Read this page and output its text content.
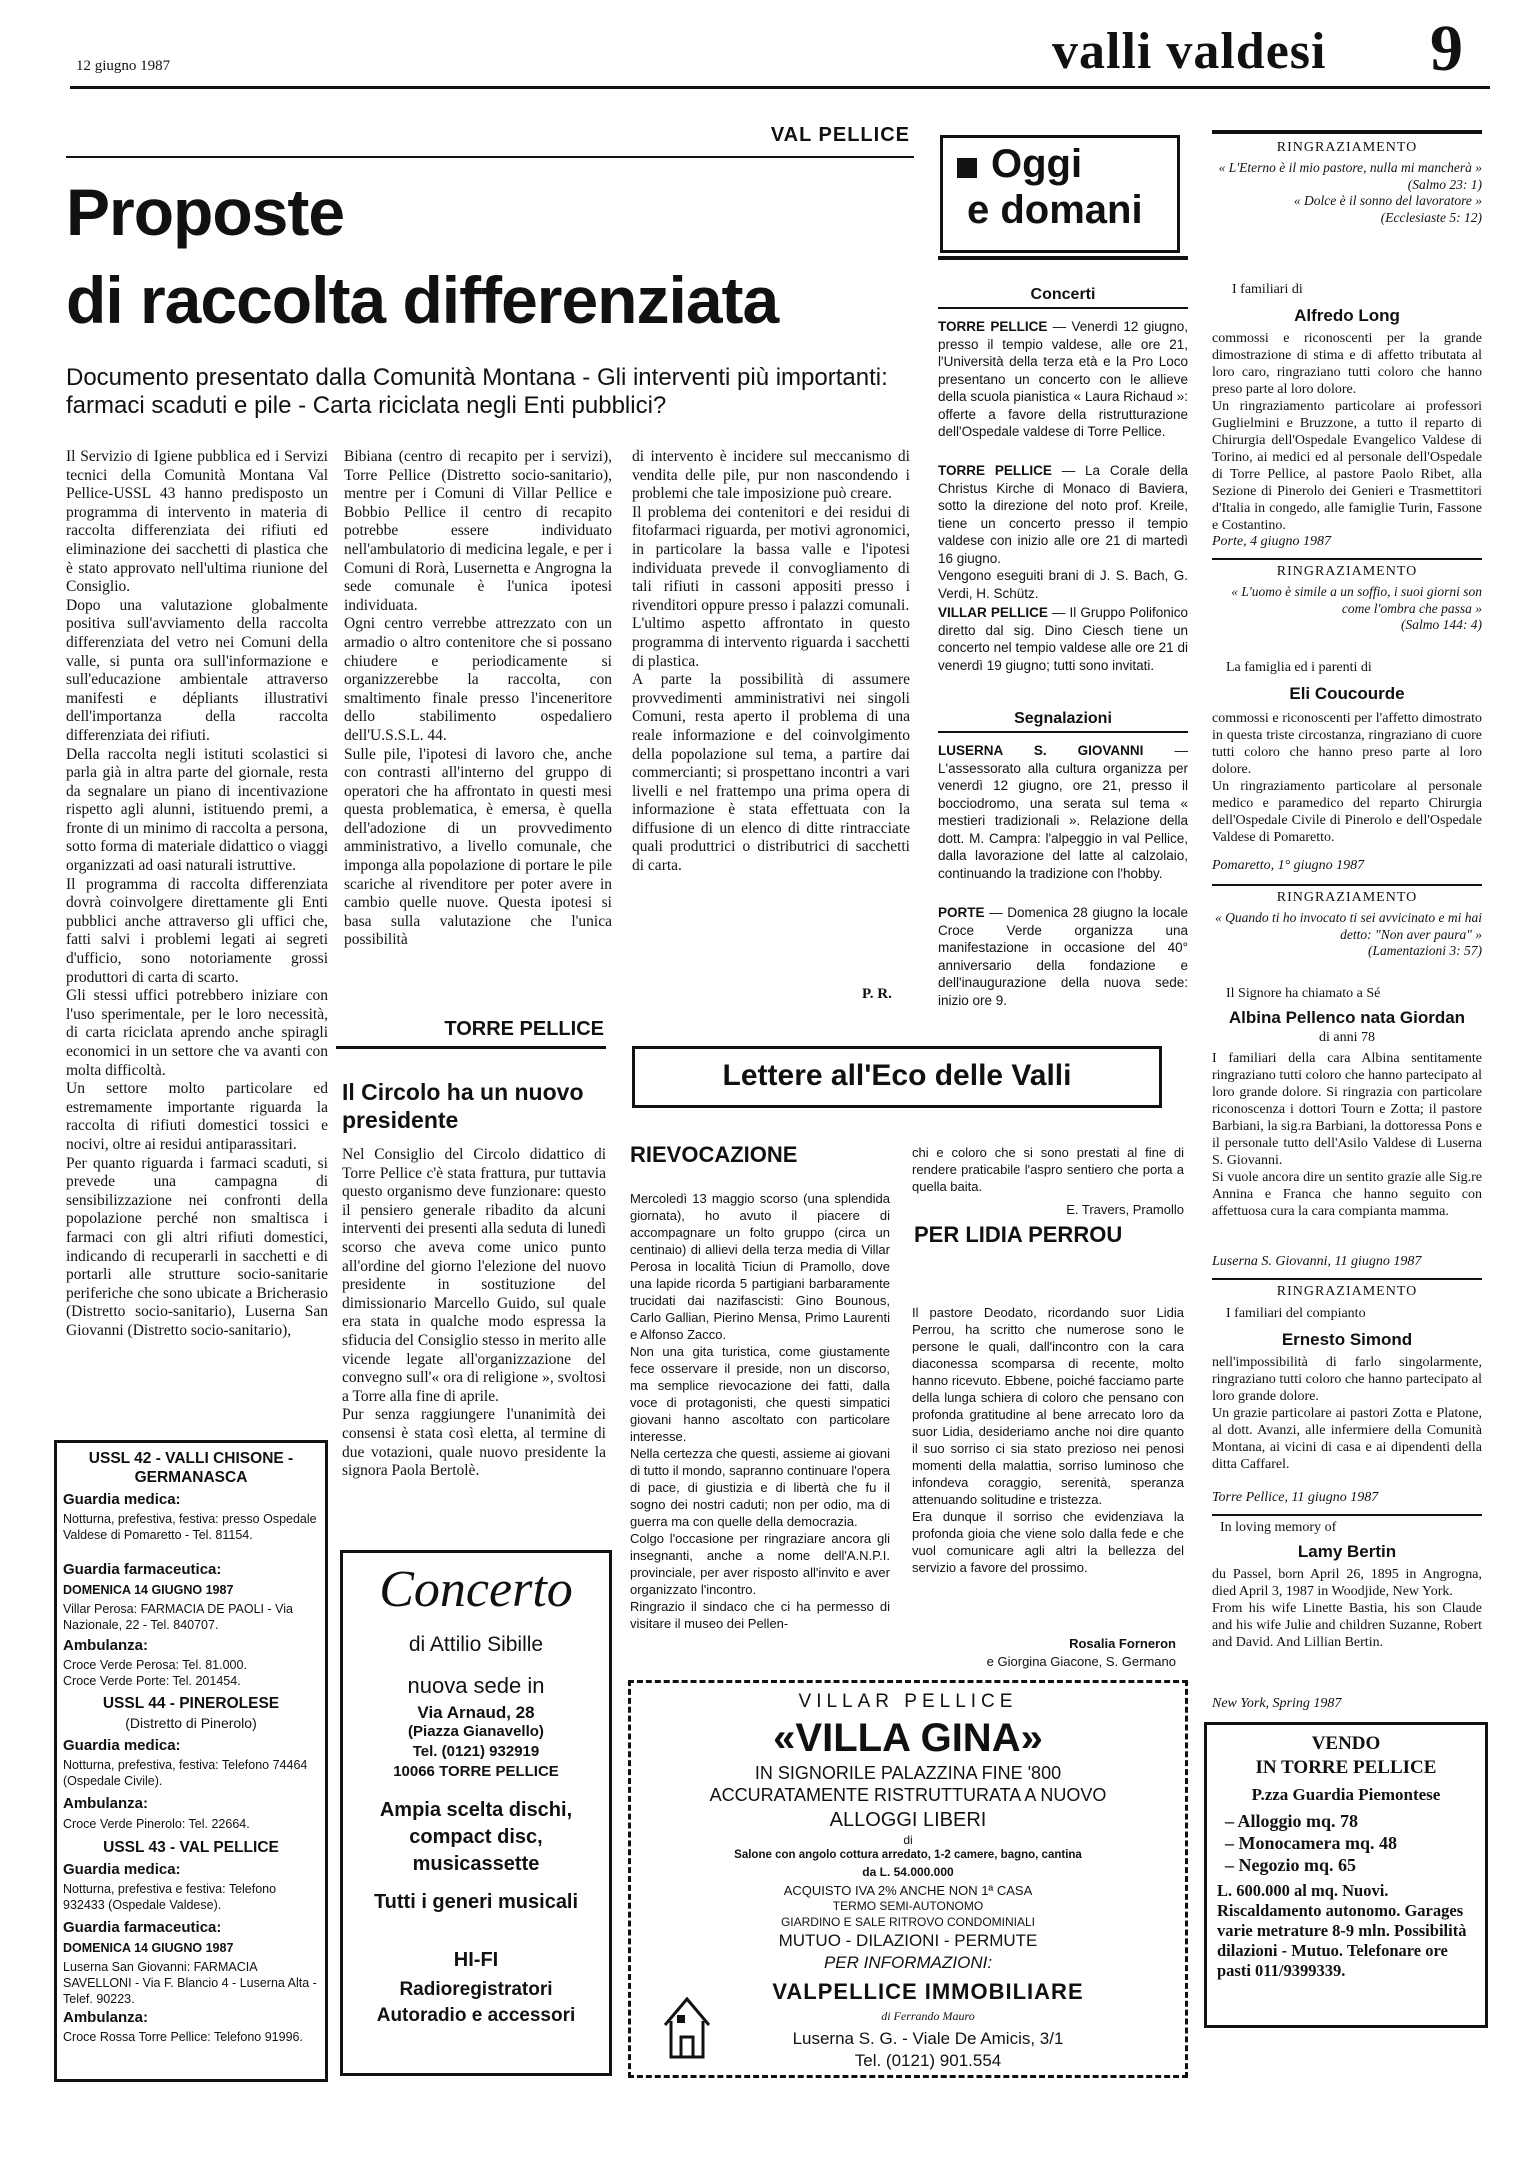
12 giugno 1987	valli valdesi 9
VAL PELLICE
Proposte
di raccolta differenziata
Documento presentato dalla Comunità Montana - Gli interventi più importanti: farmaci scaduti e pile - Carta riciclata negli Enti pubblici?
Il Servizio di Igiene pubblica ed i Servizi tecnici della Comunità Montana Val Pellice-USSL 43 hanno predisposto un programma di intervento in materia di raccolta differenziata dei rifiuti ed eliminazione dei sacchetti di plastica che è stato approvato nell'ultima riunione del Consiglio.
Dopo una valutazione globalmente positiva sull'avviamento della raccolta differenziata del vetro nei Comuni della valle, si punta ora sull'informazione e sull'educazione ambientale attraverso manifesti e dépliants illustrativi dell'importanza della raccolta differenziata dei rifiuti.
Della raccolta negli istituti scolastici si parla già in altra parte del giornale, resta da segnalare un piano di incentivazione rispetto agli alunni, istituendo premi, a fronte di un minimo di raccolta a persona, sotto forma di materiale didattico o viaggi organizzati ad oasi naturali istruttive.
Il programma di raccolta differenziata dovrà coinvolgere direttamente gli Enti pubblici anche attraverso gli uffici che, fatti salvi i problemi legati ai segreti d'ufficio, sono notoriamente grossi produttori di carta di scarto.
Gli stessi uffici potrebbero iniziare con l'uso sperimentale, per le loro necessità, di carta riciclata aprendo anche spiragli economici in un settore che va avanti con molta difficoltà.
Un settore molto particolare ed estremamente importante riguarda la raccolta di rifiuti domestici tossici e nocivi, oltre ai residui antiparassitari.
Per quanto riguarda i farmaci scaduti, si prevede una campagna di sensibilizzazione nei confronti della popolazione perché non smaltisca i farmaci con gli altri rifiuti domestici, indicando di recuperarli in sacchetti e di portarli alle strutture socio-sanitarie periferiche che sono ubicate a Bricherasio (Distretto socio-sanitario), Luserna San Giovanni (Distretto socio-sanitario),
Bibiana (centro di recapito per i servizi), Torre Pellice (Distretto socio-sanitario), mentre per i Comuni di Villar Pellice e Bobbio Pellice il centro di recapito potrebbe essere individuato nell'ambulatorio di medicina legale, e per i Comuni di Rorà, Lusernetta e Angrogna la sede comunale è l'unica ipotesi individuata.
Ogni centro verrebbe attrezzato con un armadio o altro contenitore che si possano chiudere e periodicamente si organizzerebbe la raccolta, con smaltimento finale presso l'inceneritore dello stabilimento ospedaliero dell'U.S.S.L. 44.
Sulle pile, l'ipotesi di lavoro che, anche con contrasti all'interno del gruppo di operatori che ha affrontato in questi mesi questa problematica, è emersa, è quella dell'adozione di un provvedimento amministrativo, a livello comunale, che imponga alla popolazione di portare le pile scariche al rivenditore per poter avere in cambio quelle nuove. Questa ipotesi si basa sulla valutazione che l'unica possibilità
di intervento è incidere sul meccanismo di vendita delle pile, pur non nascondendo i problemi che tale imposizione può creare.
Il problema dei contenitori e dei residui di fitofarmaci riguarda, per motivi agronomici, in particolare la bassa valle e l'ipotesi individuata prevede il convogliamento di tali rifiuti in cassoni appositi presso i rivenditori oppure presso i palazzi comunali.
L'ultimo aspetto affrontato in questo programma di intervento riguarda i sacchetti di plastica.
A parte la possibilità di assumere provvedimenti amministrativi nei singoli Comuni, resta aperto il problema di una reale informazione e del coinvolgimento della popolazione sul tema, a partire dai commercianti; si prospettano incontri a vari livelli e nel frattempo una prima opera di informazione è stata effettuata con la diffusione di un elenco di ditte rintracciate quali produttrici o distributrici di sacchetti di carta.
P. R.
Oggi
e domani
Concerti
TORRE PELLICE — Venerdì 12 giugno, presso il tempio valdese, alle ore 21, l'Università della terza età e la Pro Loco presentano un concerto con le allieve della scuola pianistica « Laura Richaud »: offerte a favore della ristrutturazione dell'Ospedale valdese di Torre Pellice.
TORRE PELLICE — La Corale della Christus Kirche di Monaco di Baviera, sotto la direzione del noto prof. Kreile, tiene un concerto presso il tempio valdese con inizio alle ore 21 di martedì 16 giugno.
Vengono eseguiti brani di J. S. Bach, G. Verdi, H. Schütz.
VILLAR PELLICE — Il Gruppo Polifonico diretto dal sig. Dino Ciesch tiene un concerto nel tempio valdese alle ore 21 di venerdì 19 giugno; tutti sono invitati.
Segnalazioni
LUSERNA S. GIOVANNI — L'assessorato alla cultura organizza per venerdì 12 giugno, ore 21, presso il bocciodromo, una serata sul tema « mestieri tradizionali ». Relazione della dott. M. Campra: l'alpeggio in val Pellice, dalla lavorazione del latte al calzolaio, continuando la tradizione con l'hobby.
PORTE — Domenica 28 giugno la locale Croce Verde organizza una manifestazione in occasione del 40° anniversario della fondazione e dell'inaugurazione della nuova sede: inizio ore 9.
RINGRAZIAMENTO
« L'Eterno è il mio pastore, nulla mi mancherà »
(Salmo 23: 1)
« Dolce è il sonno del lavoratore »
(Ecclesiaste 5: 12)
I familiari di
Alfredo Long
commossi e riconoscenti per la grande dimostrazione di stima e di affetto tributata al loro caro, ringraziano tutti coloro che hanno preso parte al loro dolore.
Un ringraziamento particolare ai professori Guglielmini e Bruzzone, a tutto il reparto di Chirurgia dell'Ospedale Evangelico Valdese di Torino, ai medici ed al personale dell'Ospedale di Torre Pellice, al pastore Paolo Ribet, alla Sezione di Pinerolo dei Genieri e Trasmettitori d'Italia in congedo, alle famiglie Turin, Fassone e Costantino.
Porte, 4 giugno 1987
RINGRAZIAMENTO
« L'uomo è simile a un soffio, i suoi giorni son come l'ombra che passa »
(Salmo 144: 4)
La famiglia ed i parenti di
Eli Coucourde
commossi e riconoscenti per l'affetto dimostrato in questa triste circostanza, ringraziano di cuore tutti coloro che hanno preso parte al loro dolore.
Un ringraziamento particolare al personale medico e paramedico del reparto Chirurgia dell'Ospedale Civile di Pinerolo e dell'Ospedale Valdese di Pomaretto.
Pomaretto, 1° giugno 1987
RINGRAZIAMENTO
« Quando ti ho invocato ti sei avvicinato e mi hai detto: "Non aver paura" »
(Lamentazioni 3: 57)
Il Signore ha chiamato a Sé
Albina Pellenco nata Giordan
di anni 78
I familiari della cara Albina sentitamente ringraziano tutti coloro che hanno partecipato al loro grande dolore. Si ringrazia con particolare riconoscenza i dottori Tourn e Zotta; il pastore Barbiani, la sig.ra Barbiani, la dottoressa Pons e il personale tutto dell'Asilo Valdese di Luserna S. Giovanni.
Si vuole ancora dire un sentito grazie alle Sig.re Annina e Franca che hanno seguito con affettuosa cura la cara compianta mamma.
Luserna S. Giovanni, 11 giugno 1987
RINGRAZIAMENTO
I familiari del compianto
Ernesto Simond
nell'impossibilità di farlo singolarmente, ringraziano tutti coloro che hanno partecipato al loro grande dolore.
Un grazie particolare ai pastori Zotta e Platone, al dott. Avanzi, alle infermiere della Comunità Montana, ai vicini di casa e ai dipendenti della ditta Caffarel.
Torre Pellice, 11 giugno 1987
In loving memory of
Lamy Bertin
du Passel, born April 26, 1895 in Angrogna, died April 3, 1987 in Woodjide, New York.
From his wife Linette Bastia, his son Claude and his wife Julie and children Suzanne, Robert and David. And Lillian Bertin.
New York, Spring 1987
VENDO
IN TORRE PELLICE
P.zza Guardia Piemontese
– Alloggio mq. 78
– Monocamera mq. 48
– Negozio mq. 65
L. 600.000 al mq. Nuovi. Riscaldamento autonomo. Garages varie metrature 8-9 mln. Possibilità dilazioni - Mutuo. Telefonare ore pasti 011/9399339.
TORRE PELLICE
Il Circolo ha un nuovo presidente
Nel Consiglio del Circolo didattico di Torre Pellice c'è stata frattura, pur tuttavia questo organismo deve funzionare: questo il pensiero generale ribadito da alcuni interventi dei presenti alla seduta di lunedì scorso che aveva come unico punto all'ordine del giorno l'elezione del nuovo presidente in sostituzione del dimissionario Marcello Guido, sul quale era stata in qualche modo espressa la sfiducia del Consiglio stesso in merito alle vicende legate all'organizzazione del convegno sull'« ora di religione », svoltosi a Torre alla fine di aprile.
Pur senza raggiungere l'unanimità dei consensi è stata così eletta, al termine di due votazioni, quale nuovo presidente la signora Paola Bertolè.
USSL 42 - VALLI CHISONE - GERMANASCA
Guardia medica:
Notturna, prefestiva, festiva: presso Ospedale Valdese di Pomaretto - Tel. 81154.
Guardia farmaceutica:
DOMENICA 14 GIUGNO 1987
Villar Perosa: FARMACIA DE PAOLI - Via Nazionale, 22 - Tel. 840707.
Ambulanza:
Croce Verde Perosa: Tel. 81.000.
Croce Verde Porte: Tel. 201454.
USSL 44 - PINEROLESE
(Distretto di Pinerolo)
Guardia medica:
Notturna, prefestiva, festiva: Telefono 74464 (Ospedale Civile).
Ambulanza:
Croce Verde Pinerolo: Tel. 22664.
USSL 43 - VAL PELLICE
Guardia medica:
Notturna, prefestiva e festiva: Telefono 932433 (Ospedale Valdese).
Guardia farmaceutica:
DOMENICA 14 GIUGNO 1987
Luserna San Giovanni: FARMACIA SAVELLONI - Via F. Blancio 4 - Luserna Alta - Telef. 90223.
Ambulanza:
Croce Rossa Torre Pellice: Telefono 91996.
Concerto
di Attilio Sibille
nuova sede in
Via Arnaud, 28
(Piazza Gianavello)
Tel. (0121) 932919
10066 TORRE PELLICE
Ampia scelta dischi, compact disc, musicassette
Tutti i generi musicali
HI-FI
Radioregistratori Autoradio e accessori
Lettere all'Eco delle Valli
RIEVOCAZIONE
Mercoledì 13 maggio scorso (una splendida giornata), ho avuto il piacere di accompagnare un folto gruppo (circa un centinaio) di allievi della terza media di Villar Perosa in località Ticiun di Pramollo, dove una lapide ricorda 5 partigiani barbaramente trucidati dai nazifascisti: Gino Bounous, Carlo Gallian, Pierino Mensa, Primo Laurenti e Alfonso Zacco.
Non una gita turistica, come giustamente fece osservare il preside, non un discorso, ma semplice rievocazione dei fatti, dalla voce di protagonisti, che questi simpatici giovani hanno ascoltato con particolare interesse.
Nella certezza che questi, assieme ai giovani di tutto il mondo, sapranno continuare l'opera di pace, di giustizia e di libertà che fu il sogno dei nostri caduti; non per odio, ma di guerra ma con quelle della democrazia.
Colgo l'occasione per ringraziare ancora gli insegnanti, anche a nome dell'A.N.P.I. provinciale, per aver risposto all'invito e aver organizzato l'incontro.
Ringrazio il sindaco che ci ha permesso di visitare il museo dei Pellen-
chi e coloro che si sono prestati al fine di rendere praticabile l'aspro sentiero che porta a quella baita.
E. Travers, Pramollo
PER LIDIA PERROU
Il pastore Deodato, ricordando suor Lidia Perrou, ha scritto che numerose sono le persone le quali, dall'incontro con la cara diaconessa scomparsa di recente, molto hanno ricevuto. Ebbene, poiché facciamo parte della lunga schiera di coloro che pensano con profonda gratitudine al bene arrecato loro da suor Lidia, desideriamo anche noi dire quanto il suo sorriso ci sia stato prezioso nei penosi momenti della malattia, sorriso luminoso che infondeva coraggio, serenità, speranza attenuando solitudine e tristezza.
Era dunque il sorriso che evidenziava la profonda gioia che viene solo dalla fede e che vuol comunicare agli altri la bellezza del servizio a favore del prossimo.
Rosalia Forneron
e Giorgina Giacone, S. Germano
VILLAR PELLICE
«VILLA GINA»
IN SIGNORILE PALAZZINA FINE '800
ACCURATAMENTE RISTRUTTURATA A NUOVO
ALLOGGI LIBERI
di
Salone con angolo cottura arredato, 1-2 camere, bagno, cantina
da L. 54.000.000
ACQUISTO IVA 2% ANCHE NON 1ª CASA
TERMO SEMI-AUTONOMO
GIARDINO E SALE RITROVO CONDOMINIALI
MUTUO - DILAZIONI - PERMUTE
PER INFORMAZIONI:
VALPELLICE IMMOBILIARE
di Ferrando Mauro
Luserna S. G. - Viale De Amicis, 3/1
Tel. (0121) 901.554
